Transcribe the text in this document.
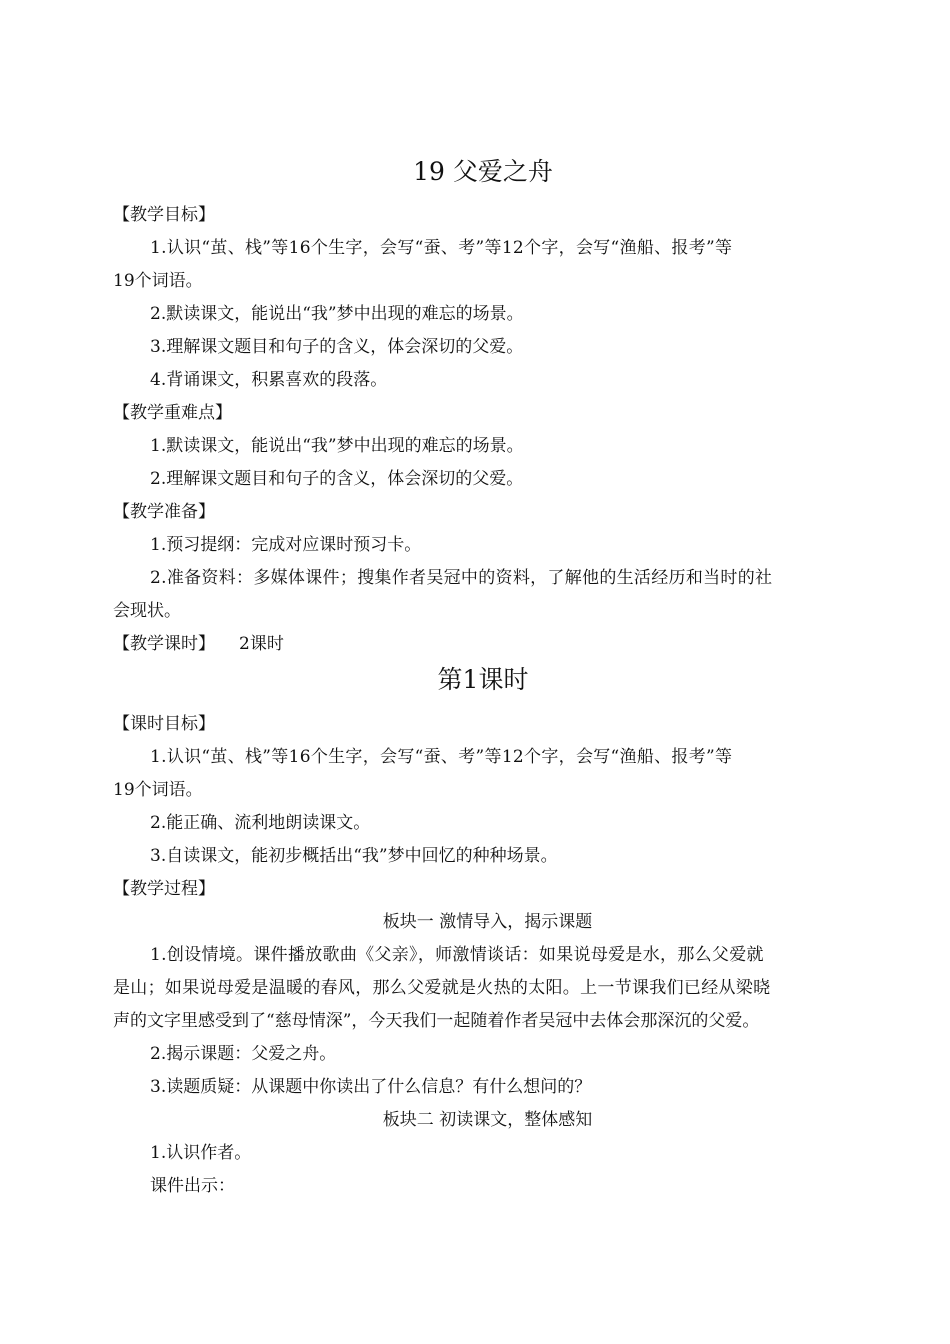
19 父爱之舟
【教学目标】
1.认识“茧、栈”等16个生字，会写“蚕、考”等12个字，会写“渔船、报考”等
19个词语。
2.默读课文，能说出“我”梦中出现的难忘的场景。
3.理解课文题目和句子的含义，体会深切的父爱。
4.背诵课文，积累喜欢的段落。
【教学重难点】
1.默读课文，能说出“我”梦中出现的难忘的场景。
2.理解课文题目和句子的含义，体会深切的父爱。
【教学准备】
1.预习提纲：完成对应课时预习卡。
2.准备资料：多媒体课件；搜集作者吴冠中的资料，了解他的生活经历和当时的社
会现状。
【教学课时】 2课时
第1课时
【课时目标】
1.认识“茧、栈”等16个生字，会写“蚕、考”等12个字，会写“渔船、报考”等
19个词语。
2.能正确、流利地朗读课文。
3.自读课文，能初步概括出“我”梦中回忆的种种场景。
【教学过程】
板块一 激情导入，揭示课题
1.创设情境。课件播放歌曲《父亲》，师激情谈话：如果说母爱是水，那么父爱就
是山；如果说母爱是温暖的春风，那么父爱就是火热的太阳。上一节课我们已经从梁晓
声的文字里感受到了“慈母情深”，今天我们一起随着作者吴冠中去体会那深沉的父爱。
2.揭示课题：父爱之舟。
3.读题质疑：从课题中你读出了什么信息？有什么想问的？
板块二 初读课文，整体感知
1.认识作者。
课件出示：
